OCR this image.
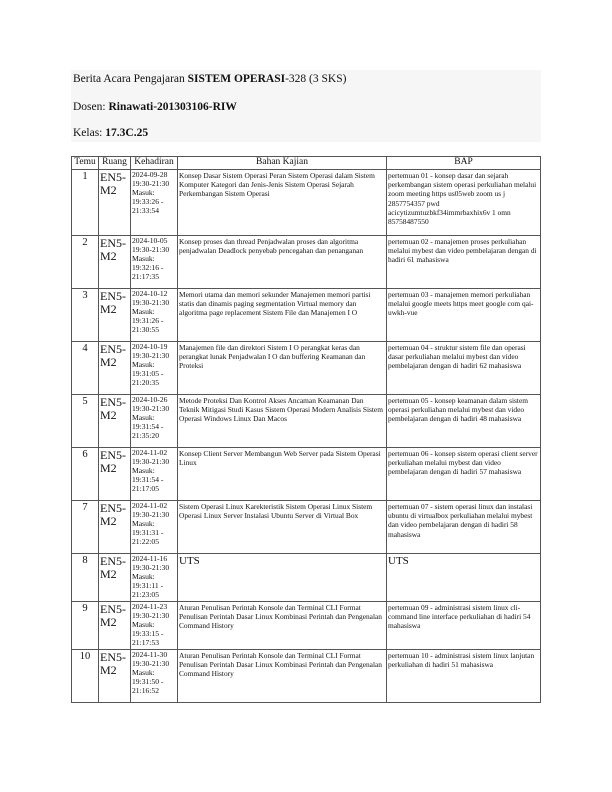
Berita Acara Pengajaran SISTEM OPERASI-328 (3 SKS)
Dosen: Rinawati-201303106-RIW
Kelas: 17.3C.25
Temu	Ruang	Kehadiran	Bahan Kajian	BAP
1	EN5-M2	2024-09-28
19:30-21:30
Masuk:
19:33:26 -
21:33:54	Konsep Dasar Sistem Operasi Peran Sistem Operasi dalam Sistem Komputer Kategori dan Jenis-Jenis Sistem Operasi Sejarah Perkembangan Sistem Operasi	pertemuan 01 - konsep dasar dan sejarah perkembangan sistem operasi perkuliahan melalui zoom meeting https us05web zoom us j 2857754357 pwd acicytizumtuzbkf34immrbaxhix6v 1 omn 85758487550
2	EN5-M2	2024-10-05
19:30-21:30
Masuk:
19:32:16 -
21:17:35	Konsep proses dan thread Penjadwalan proses dan algoritma penjadwalan Deadlock penyebab pencegahan dan penanganan	pertemuan 02 - manajemen proses perkuliahan melalui mybest dan video pembelajaran dengan di hadiri 61 mahasiswa
3	EN5-M2	2024-10-12
19:30-21:30
Masuk:
19:31:26 -
21:30:55	Memori utama dan memori sekunder Manajemen memori partisi statis dan dinamis paging segmentation Virtual memory dan algoritma page replacement Sistem File dan Manajemen I O	pertemuan 03 - manajemen memori perkuliahan melalui google meets https meet google com qai-uwkh-vue
4	EN5-M2	2024-10-19
19:30-21:30
Masuk:
19:31:05 -
21:20:35	Manajemen file dan direktori Sistem I O perangkat keras dan perangkat lunak Penjadwalan I O dan buffering Keamanan dan Proteksi	pertemuan 04 - struktur sistem file dan operasi dasar perkuliahan melalui mybest dan video pembelajaran dengan di hadiri 62 mahasiswa
5	EN5-M2	2024-10-26
19:30-21:30
Masuk:
19:31:54 -
21:35:20	Metode Proteksi Dan Kontrol Akses Ancaman Keamanan Dan Teknik Mitigasi Studi Kasus Sistem Operasi Modern Analisis Sistem Operasi Windows Linux Dan Macos	pertemuan 05 - konsep keamanan dalam sistem operasi perkuliahan melalui mybest dan video pembelajaran dengan di hadiri 48 mahasiswa
6	EN5-M2	2024-11-02
19:30-21:30
Masuk:
19:31:54 -
21:17:05	Konsep Client Server Membangun Web Server pada Sistem Operasi Linux	pertemuan 06 - konsep sistem operasi client server perkuliahan melalui mybest dan video pembelajaran dengan di hadiri 57 mahasiswa
7	EN5-M2	2024-11-02
19:30-21:30
Masuk:
19:31:31 -
21:22:05	Sistem Operasi Linux Karekteristik Sistem Operasi Linux Sistem Operasi Linux Server Instalasi Ubuntu Server di Virtual Box	pertemuan 07 - sistem operasi linux dan instalasi ubuntu di virtualbox perkuliahan melalui mybest dan video pembelajaran dengan di hadiri 58 mahasiswa
8	EN5-M2	2024-11-16
19:30-21:30
Masuk:
19:31:11 -
21:23:05	UTS	UTS
9	EN5-M2	2024-11-23
19:30-21:30
Masuk:
19:33:15 -
21:17:53	Aturan Penulisan Perintah Konsole dan Terminal CLI Format Penulisan Perintah Dasar Linux Kombinasi Perintah dan Pengenalan Command History	pertemuan 09 - administrasi sistem linux cli-command line interface perkuliahan di hadiri 54 mahasiswa
10	EN5-M2	2024-11-30
19:30-21:30
Masuk:
19:31:50 -
21:16:52	Aturan Penulisan Perintah Konsole dan Terminal CLI Format Penulisan Perintah Dasar Linux Kombinasi Perintah dan Pengenalan Command History	pertemuan 10 - administrasi sistem linux lanjutan perkuliahan di hadiri 51 mahasiswa
